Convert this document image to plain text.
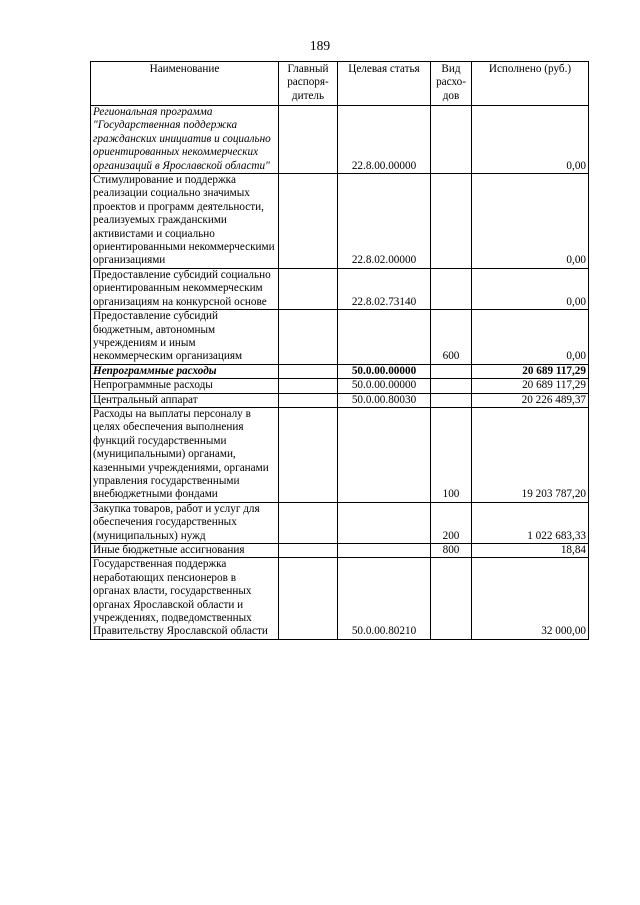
189
Наименование	Главный распоря-дитель	Целевая статья	Вид расхо-дов	Исполнено (руб.)
Региональная программа "Государственная поддержка гражданских инициатив и социально ориентированных некоммерческих организаций в Ярославской области"		22.8.00.00000		0,00
Стимулирование и поддержка реализации социально значимых проектов и программ деятельности, реализуемых гражданскими активистами и социально ориентированными некоммерческими организациями		22.8.02.00000		0,00
Предоставление субсидий социально ориентированным некоммерческим организациям на конкурсной основе		22.8.02.73140		0,00
Предоставление субсидий бюджетным, автономным учреждениям и иным некоммерческим организациям			600	0,00
Непрограммные расходы		50.0.00.00000		20 689 117,29
Непрограммные расходы		50.0.00.00000		20 689 117,29
Центральный аппарат		50.0.00.80030		20 226 489,37
Расходы на выплаты персоналу в целях обеспечения выполнения функций государственными (муниципальными) органами, казенными учреждениями, органами управления государственными внебюджетными фондами			100	19 203 787,20
Закупка товаров, работ и услуг для обеспечения государственных (муниципальных) нужд			200	1 022 683,33
Иные бюджетные ассигнования			800	18,84
Государственная поддержка неработающих пенсионеров в органах власти, государственных органах Ярославской области и учреждениях, подведомственных Правительству Ярославской области		50.0.00.80210		32 000,00
